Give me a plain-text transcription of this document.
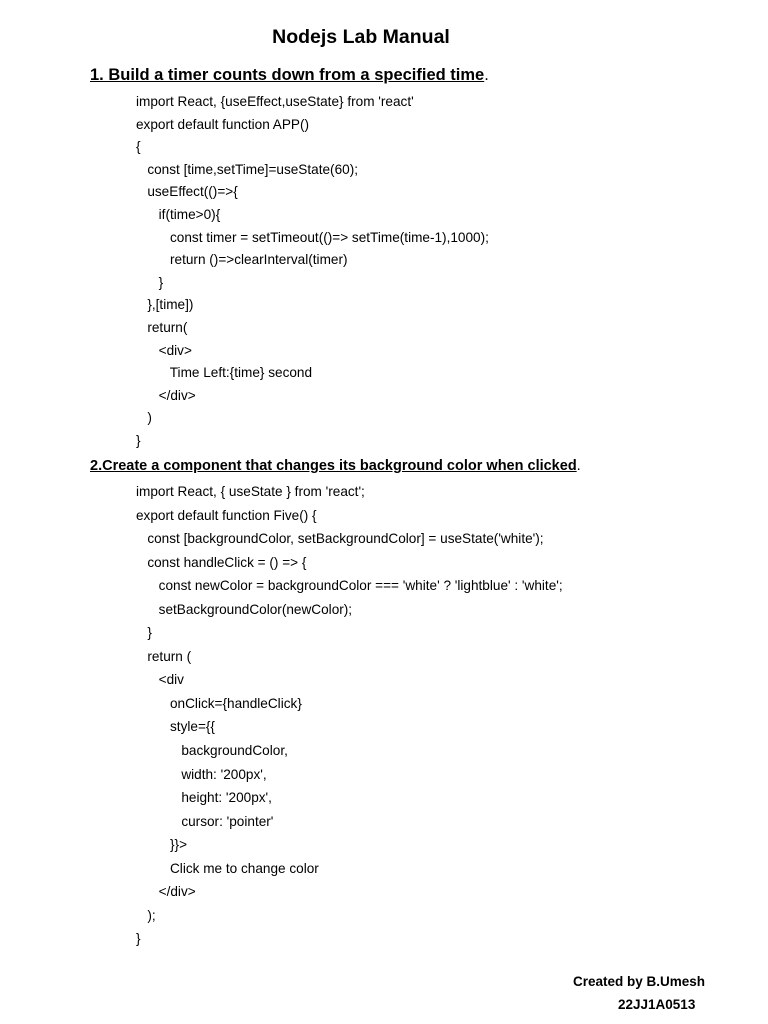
Nodejs Lab Manual
1. Build a timer counts down from a specified time.
import React, {useEffect,useState} from 'react'
export default function APP()
{
const [time,setTime]=useState(60);
useEffect(()=>{
if(time>0){
const timer = setTimeout(()=> setTime(time-1),1000);
return ()=>clearInterval(timer)
}
},[time])
return(
<div>
Time Left:{time} second
</div>
)
}
2.Create a component that changes its background color when clicked.
import React, { useState } from 'react';
export default function Five() {
const [backgroundColor, setBackgroundColor] = useState('white');
const handleClick = () => {
const newColor = backgroundColor === 'white' ? 'lightblue' : 'white';
setBackgroundColor(newColor);
}
return (
<div
onClick={handleClick}
style={{
backgroundColor,
width: '200px',
height: '200px',
cursor: 'pointer'
}}>
Click me to change color
</div>
);
}
Created by B.Umesh
22JJ1A0513
